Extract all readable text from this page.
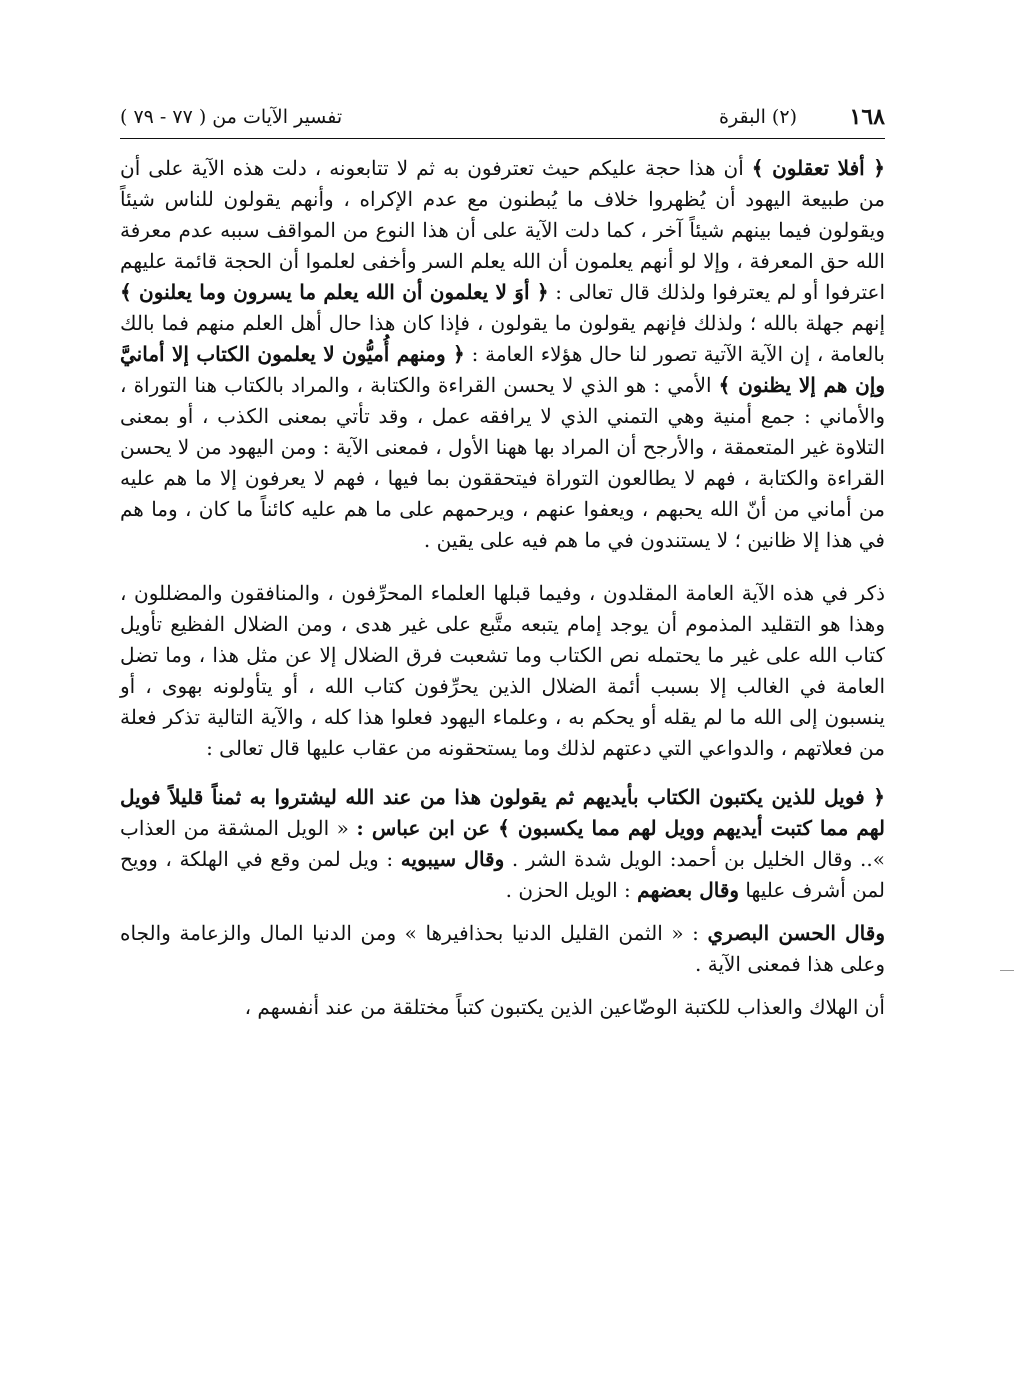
١٦٨
(٢) البقرة
تفسير الآيات من ( ٧٧ - ٧٩ )

﴿ أفلا تعقلون ﴾ أن هذا حجة عليكم حيث تعترفون به ثم لا تتابعونه ، دلت هذه الآية على أن من طبيعة اليهود أن يُظهروا خلاف ما يُبطنون مع عدم الإكراه ، وأنهم يقولون للناس شيئاً ويقولون فيما بينهم شيئاً آخر ، كما دلت الآية على أن هذا النوع من المواقف سببه عدم معرفة الله حق المعرفة ، وإلا لو أنهم يعلمون أن الله يعلم السر وأخفى لعلموا أن الحجة قائمة عليهم اعترفوا أو لم يعترفوا ولذلك قال تعالى : ﴿ أوَ لا يعلمون أن الله يعلم ما يسرون وما يعلنون ﴾ إنهم جهلة بالله ؛ ولذلك فإنهم يقولون ما يقولون ، فإذا كان هذا حال أهل العلم منهم فما بالك بالعامة ، إن الآية الآتية تصور لنا حال هؤلاء العامة : ﴿ ومنهم أُميُّون لا يعلمون الكتاب إلا أمانيَّ وإن هم إلا يظنون ﴾ الأمي : هو الذي لا يحسن القراءة والكتابة ، والمراد بالكتاب هنا التوراة ، والأماني : جمع أمنية وهي التمني الذي لا يرافقه عمل ، وقد تأتي بمعنى الكذب ، أو بمعنى التلاوة غير المتعمقة ، والأرجح أن المراد بها ههنا الأول ، فمعنى الآية : ومن اليهود من لا يحسن القراءة والكتابة ، فهم لا يطالعون التوراة فيتحققون بما فيها ، فهم لا يعرفون إلا ما هم عليه من أماني من أنّ الله يحبهم ، ويعفوا عنهم ، ويرحمهم على ما هم عليه كائناً ما كان ، وما هم في هذا إلا ظانين ؛ لا يستندون في ما هم فيه على يقين .

ذكر في هذه الآية العامة المقلدون ، وفيما قبلها العلماء المحرِّفون ، والمنافقون والمضللون ، وهذا هو التقليد المذموم أن يوجد إمام يتبعه متَّبع على غير هدى ، ومن الضلال الفظيع تأويل كتاب الله على غير ما يحتمله نص الكتاب وما تشعبت فرق الضلال إلا عن مثل هذا ، وما تضل العامة في الغالب إلا بسبب أئمة الضلال الذين يحرِّفون كتاب الله ، أو يتأولونه بهوى ، أو ينسبون إلى الله ما لم يقله أو يحكم به ، وعلماء اليهود فعلوا هذا كله ، والآية التالية تذكر فعلة من فعلاتهم ، والدواعي التي دعتهم لذلك وما يستحقونه من عقاب عليها قال تعالى :

﴿ فويل للذين يكتبون الكتاب بأيديهم ثم يقولون هذا من عند الله ليشتروا به ثمناً قليلاً فويل لهم مما كتبت أيديهم وويل لهم مما يكسبون ﴾ عن ابن عباس : « الويل المشقة من العذاب ».. وقال الخليل بن أحمد: الويل شدة الشر . وقال سيبويه : ويل لمن وقع في الهلكة ، وويح لمن أشرف عليها وقال بعضهم : الويل الحزن .

وقال الحسن البصري : « الثمن القليل الدنيا بحذافيرها » ومن الدنيا المال والزعامة والجاه وعلى هذا فمعنى الآية .

أن الهلاك والعذاب للكتبة الوضّاعين الذين يكتبون كتباً مختلقة من عند أنفسهم ،
